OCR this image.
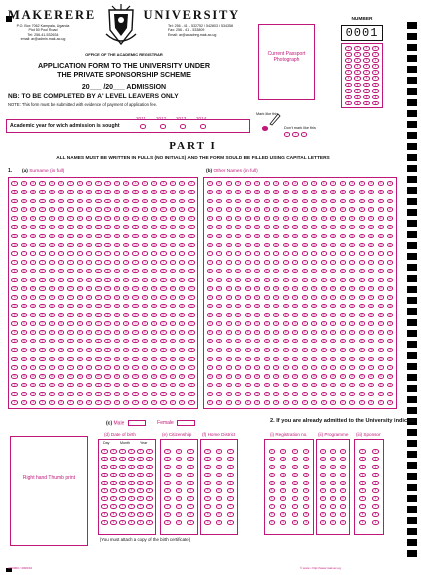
MAKERERE	UNIVERSITY
P.O. Box 7062 Kampala, Uganda
Plot 50 Pool Road
Tel: 256-41-532634
email: ar@admin.mak.ac.ug
Tel: 256 - 41 - 532752 / 542803 / 534358
Fax: 256 - 41 - 533809
Email: ar@acadreg.mak.ac.ug
OFFICE OF THE ACADEMIC REGISTRAR
APPLICATION FORM TO THE UNIVERSITY UNDER
THE PRIVATE SPONSORSHIP SCHEME
20___ /20___ ADMISSION
NB: TO BE COMPLETED BY A' LEVEL LEAVERS ONLY
NOTE: This form must be submitted with evidence of payment of application fee.
Current Passport Photograph
NUMBER
0001
0	0	0	0
1	1	1	1
2	2	2	2
3	3	3	3
4	4	4	4
5	5	5	5
6	6	6	6
7	7	7	7
8	8	8	8
9	9	9	9
Academic year for wich admission is sought
2011 2012 2013 2014
Mark like this
Don't mark like this
✓	×	•
PART I
ALL NAMES MUST BE WRITTEN IN FULLS (NO INITIALS) AND THE FORM SOULD BE FILLED USING CAPITAL LETTERS
1. (a) Surname (in full)	(b) Other Names (in full)
A	A	A	A	A	A	A	A	A	A	A	A	A	A	A	A	A	A	A	A
B	B	B	B	B	B	B	B	B	B	B	B	B	B	B	B	B	B	B	B
C	C	C	C	C	C	C	C	C	C	C	C	C	C	C	C	C	C	C	C
D	D	D	D	D	D	D	D	D	D	D	D	D	D	D	D	D	D	D	D
E	E	E	E	E	E	E	E	E	E	E	E	E	E	E	E	E	E	E	E
F	F	F	F	F	F	F	F	F	F	F	F	F	F	F	F	F	F	F	F
G	G	G	G	G	G	G	G	G	G	G	G	G	G	G	G	G	G	G	G
H	H	H	H	H	H	H	H	H	H	H	H	H	H	H	H	H	H	H	H
I	I	I	I	I	I	I	I	I	I	I	I	I	I	I	I	I	I	I	I
J	J	J	J	J	J	J	J	J	J	J	J	J	J	J	J	J	J	J	J
K	K	K	K	K	K	K	K	K	K	K	K	K	K	K	K	K	K	K	K
L	L	L	L	L	L	L	L	L	L	L	L	L	L	L	L	L	L	L	L
M	M	M	M	M	M	M	M	M	M	M	M	M	M	M	M	M	M	M	M
N	N	N	N	N	N	N	N	N	N	N	N	N	N	N	N	N	N	N	N
O	O	O	O	O	O	O	O	O	O	O	O	O	O	O	O	O	O	O	O
P	P	P	P	P	P	P	P	P	P	P	P	P	P	P	P	P	P	P	P
Q	Q	Q	Q	Q	Q	Q	Q	Q	Q	Q	Q	Q	Q	Q	Q	Q	Q	Q	Q
R	R	R	R	R	R	R	R	R	R	R	R	R	R	R	R	R	R	R	R
S	S	S	S	S	S	S	S	S	S	S	S	S	S	S	S	S	S	S	S
T	T	T	T	T	T	T	T	T	T	T	T	T	T	T	T	T	T	T	T
U	U	U	U	U	U	U	U	U	U	U	U	U	U	U	U	U	U	U	U
V	V	V	V	V	V	V	V	V	V	V	V	V	V	V	V	V	V	V	V
W	W	W	W	W	W	W	W	W	W	W	W	W	W	W	W	W	W	W	W
X	X	X	X	X	X	X	X	X	X	X	X	X	X	X	X	X	X	X	X
Y	Y	Y	Y	Y	Y	Y	Y	Y	Y	Y	Y	Y	Y	Y	Y	Y	Y	Y	Y
Z	Z	Z	Z	Z	Z	Z	Z	Z	Z	Z	Z	Z	Z	Z	Z	Z	Z	Z	Z
A	A	A	A	A	A	A	A	A	A	A	A	A	A	A	A	A	A	A	A
B	B	B	B	B	B	B	B	B	B	B	B	B	B	B	B	B	B	B	B
C	C	C	C	C	C	C	C	C	C	C	C	C	C	C	C	C	C	C	C
D	D	D	D	D	D	D	D	D	D	D	D	D	D	D	D	D	D	D	D
E	E	E	E	E	E	E	E	E	E	E	E	E	E	E	E	E	E	E	E
F	F	F	F	F	F	F	F	F	F	F	F	F	F	F	F	F	F	F	F
G	G	G	G	G	G	G	G	G	G	G	G	G	G	G	G	G	G	G	G
H	H	H	H	H	H	H	H	H	H	H	H	H	H	H	H	H	H	H	H
I	I	I	I	I	I	I	I	I	I	I	I	I	I	I	I	I	I	I	I
J	J	J	J	J	J	J	J	J	J	J	J	J	J	J	J	J	J	J	J
K	K	K	K	K	K	K	K	K	K	K	K	K	K	K	K	K	K	K	K
L	L	L	L	L	L	L	L	L	L	L	L	L	L	L	L	L	L	L	L
M	M	M	M	M	M	M	M	M	M	M	M	M	M	M	M	M	M	M	M
N	N	N	N	N	N	N	N	N	N	N	N	N	N	N	N	N	N	N	N
O	O	O	O	O	O	O	O	O	O	O	O	O	O	O	O	O	O	O	O
P	P	P	P	P	P	P	P	P	P	P	P	P	P	P	P	P	P	P	P
Q	Q	Q	Q	Q	Q	Q	Q	Q	Q	Q	Q	Q	Q	Q	Q	Q	Q	Q	Q
R	R	R	R	R	R	R	R	R	R	R	R	R	R	R	R	R	R	R	R
S	S	S	S	S	S	S	S	S	S	S	S	S	S	S	S	S	S	S	S
T	T	T	T	T	T	T	T	T	T	T	T	T	T	T	T	T	T	T	T
U	U	U	U	U	U	U	U	U	U	U	U	U	U	U	U	U	U	U	U
V	V	V	V	V	V	V	V	V	V	V	V	V	V	V	V	V	V	V	V
W	W	W	W	W	W	W	W	W	W	W	W	W	W	W	W	W	W	W	W
X	X	X	X	X	X	X	X	X	X	X	X	X	X	X	X	X	X	X	X
Y	Y	Y	Y	Y	Y	Y	Y	Y	Y	Y	Y	Y	Y	Y	Y	Y	Y	Y	Y
Z	Z	Z	Z	Z	Z	Z	Z	Z	Z	Z	Z	Z	Z	Z	Z	Z	Z	Z	Z
(c) Male	Female
(d) Date of birth
Day	Month	Year
0	0	0	0	0	0
1	1	1	1	1	1
2	2	2	2	2	2
3	3	3	3	3	3
4	4	4	4	4	4
5	5	5	5	5	5
6	6	6	6	6	6
7	7	7	7	7	7
8	8	8	8	8	8
9	9	9	9	9	9
(e) Citizenship
0	0	0
1	1	1
2	2	2
3	3	3
4	4	4
5	5	5
6	6	6
7	7	7
8	8	8
9	9	9
(f) Home District
0	0	0
1	1	1
2	2	2
3	3	3
4	4	4
5	5	5
6	6	6
7	7	7
8	8	8
9	9	9
2. If you are already admitted to the University indicate;
(i) Registration no.
0	0	0	0
1	1	1	1
2	2	2	2
3	3	3	3
4	4	4	4
5	5	5	5
6	6	6	6
7	7	7	7
8	8	8	8
9	9	9	9
(ii) Programme
0	0	0
1	1	1
2	2	2
3	3	3
4	4	4
5	5	5
6	6	6
7	7	7
8	8	8
9	9	9
(iii) Sponsor
0	0
1	1
2	2
3	3
4	4
5	5
6	6
7	7
8	8
9	9
Right hand Thumb print
(You must attach a copy of the birth certificate)
AR0000 / 2000/10	© www • http://www.mak.ac.ug
